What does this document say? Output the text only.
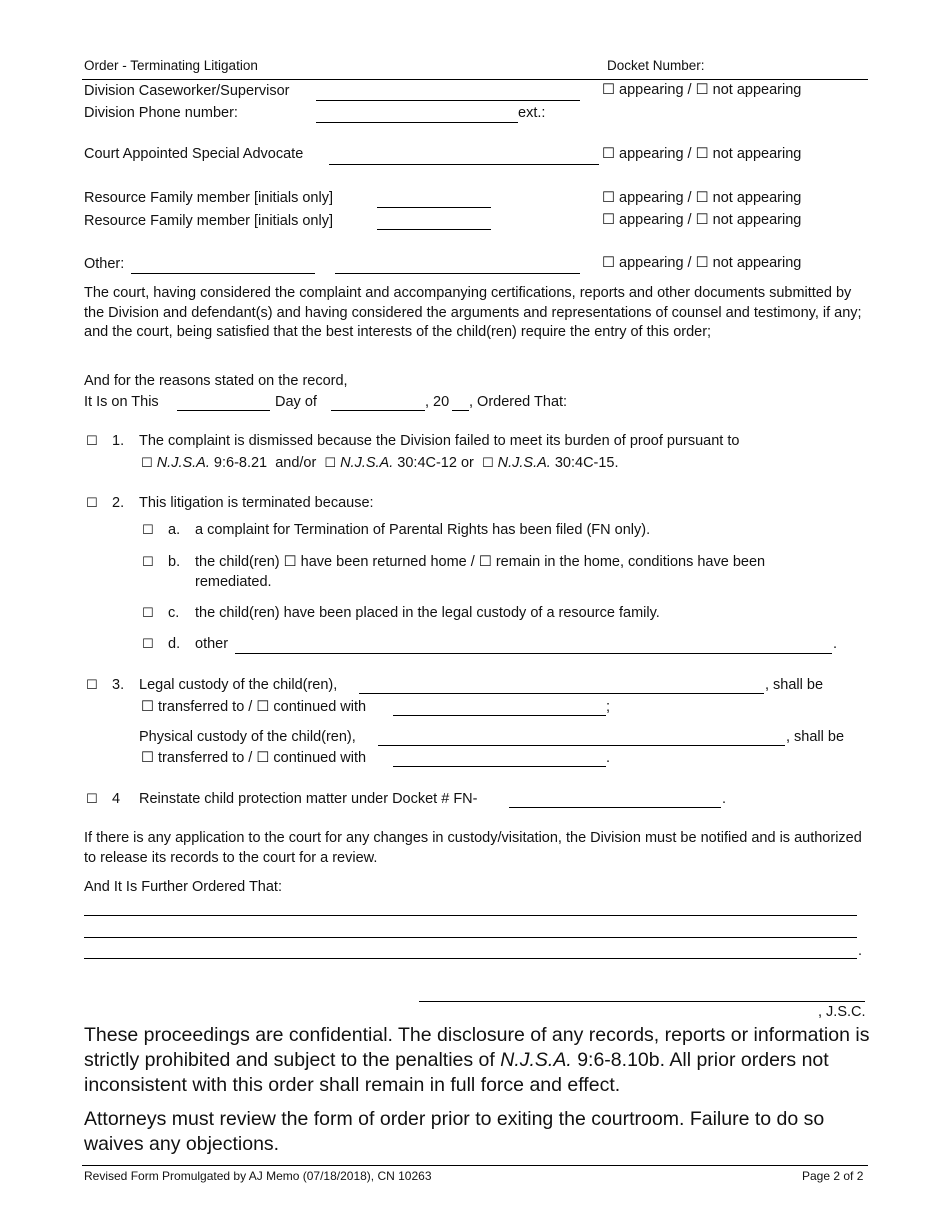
Order - Terminating Litigation	Docket Number:
Division Caseworker/Supervisor	☐ appearing / ☐ not appearing
Division Phone number:	ext.:
Court Appointed Special Advocate	☐ appearing / ☐ not appearing
Resource Family member [initials only]	☐ appearing / ☐ not appearing
Resource Family member [initials only]	☐ appearing / ☐ not appearing
Other:	☐ appearing / ☐ not appearing
The court, having considered the complaint and accompanying certifications, reports and other documents submitted by the Division and defendant(s) and having considered the arguments and representations of counsel and testimony, if any; and the court, being satisfied that the best interests of the child(ren) require the entry of this order;
And for the reasons stated on the record,
It Is on This	Day of	, 20 , Ordered That:
☐ 1. The complaint is dismissed because the Division failed to meet its burden of proof pursuant to
☐ N.J.S.A. 9:6-8.21 and/or ☐ N.J.S.A. 30:4C-12 or ☐ N.J.S.A. 30:4C-15.
☐ 2. This litigation is terminated because:
☐ a. a complaint for Termination of Parental Rights has been filed (FN only).
☐ b. the child(ren) ☐ have been returned home / ☐ remain in the home, conditions have been
remediated.
☐ c. the child(ren) have been placed in the legal custody of a resource family.
☐ d. other	.
☐ 3. Legal custody of the child(ren),	, shall be
☐ transferred to / ☐ continued with	;
Physical custody of the child(ren),	, shall be
☐ transferred to / ☐ continued with	.
☐ 4 Reinstate child protection matter under Docket # FN-	.
If there is any application to the court for any changes in custody/visitation, the Division must be notified and is authorized to release its records to the court for a review.
And It Is Further Ordered That:
.
, J.S.C.
These proceedings are confidential. The disclosure of any records, reports or information is strictly prohibited and subject to the penalties of N.J.S.A. 9:6-8.10b. All prior orders not inconsistent with this order shall remain in full force and effect.
Attorneys must review the form of order prior to exiting the courtroom. Failure to do so waives any objections.
Revised Form Promulgated by AJ Memo (07/18/2018), CN 10263	Page 2 of 2
